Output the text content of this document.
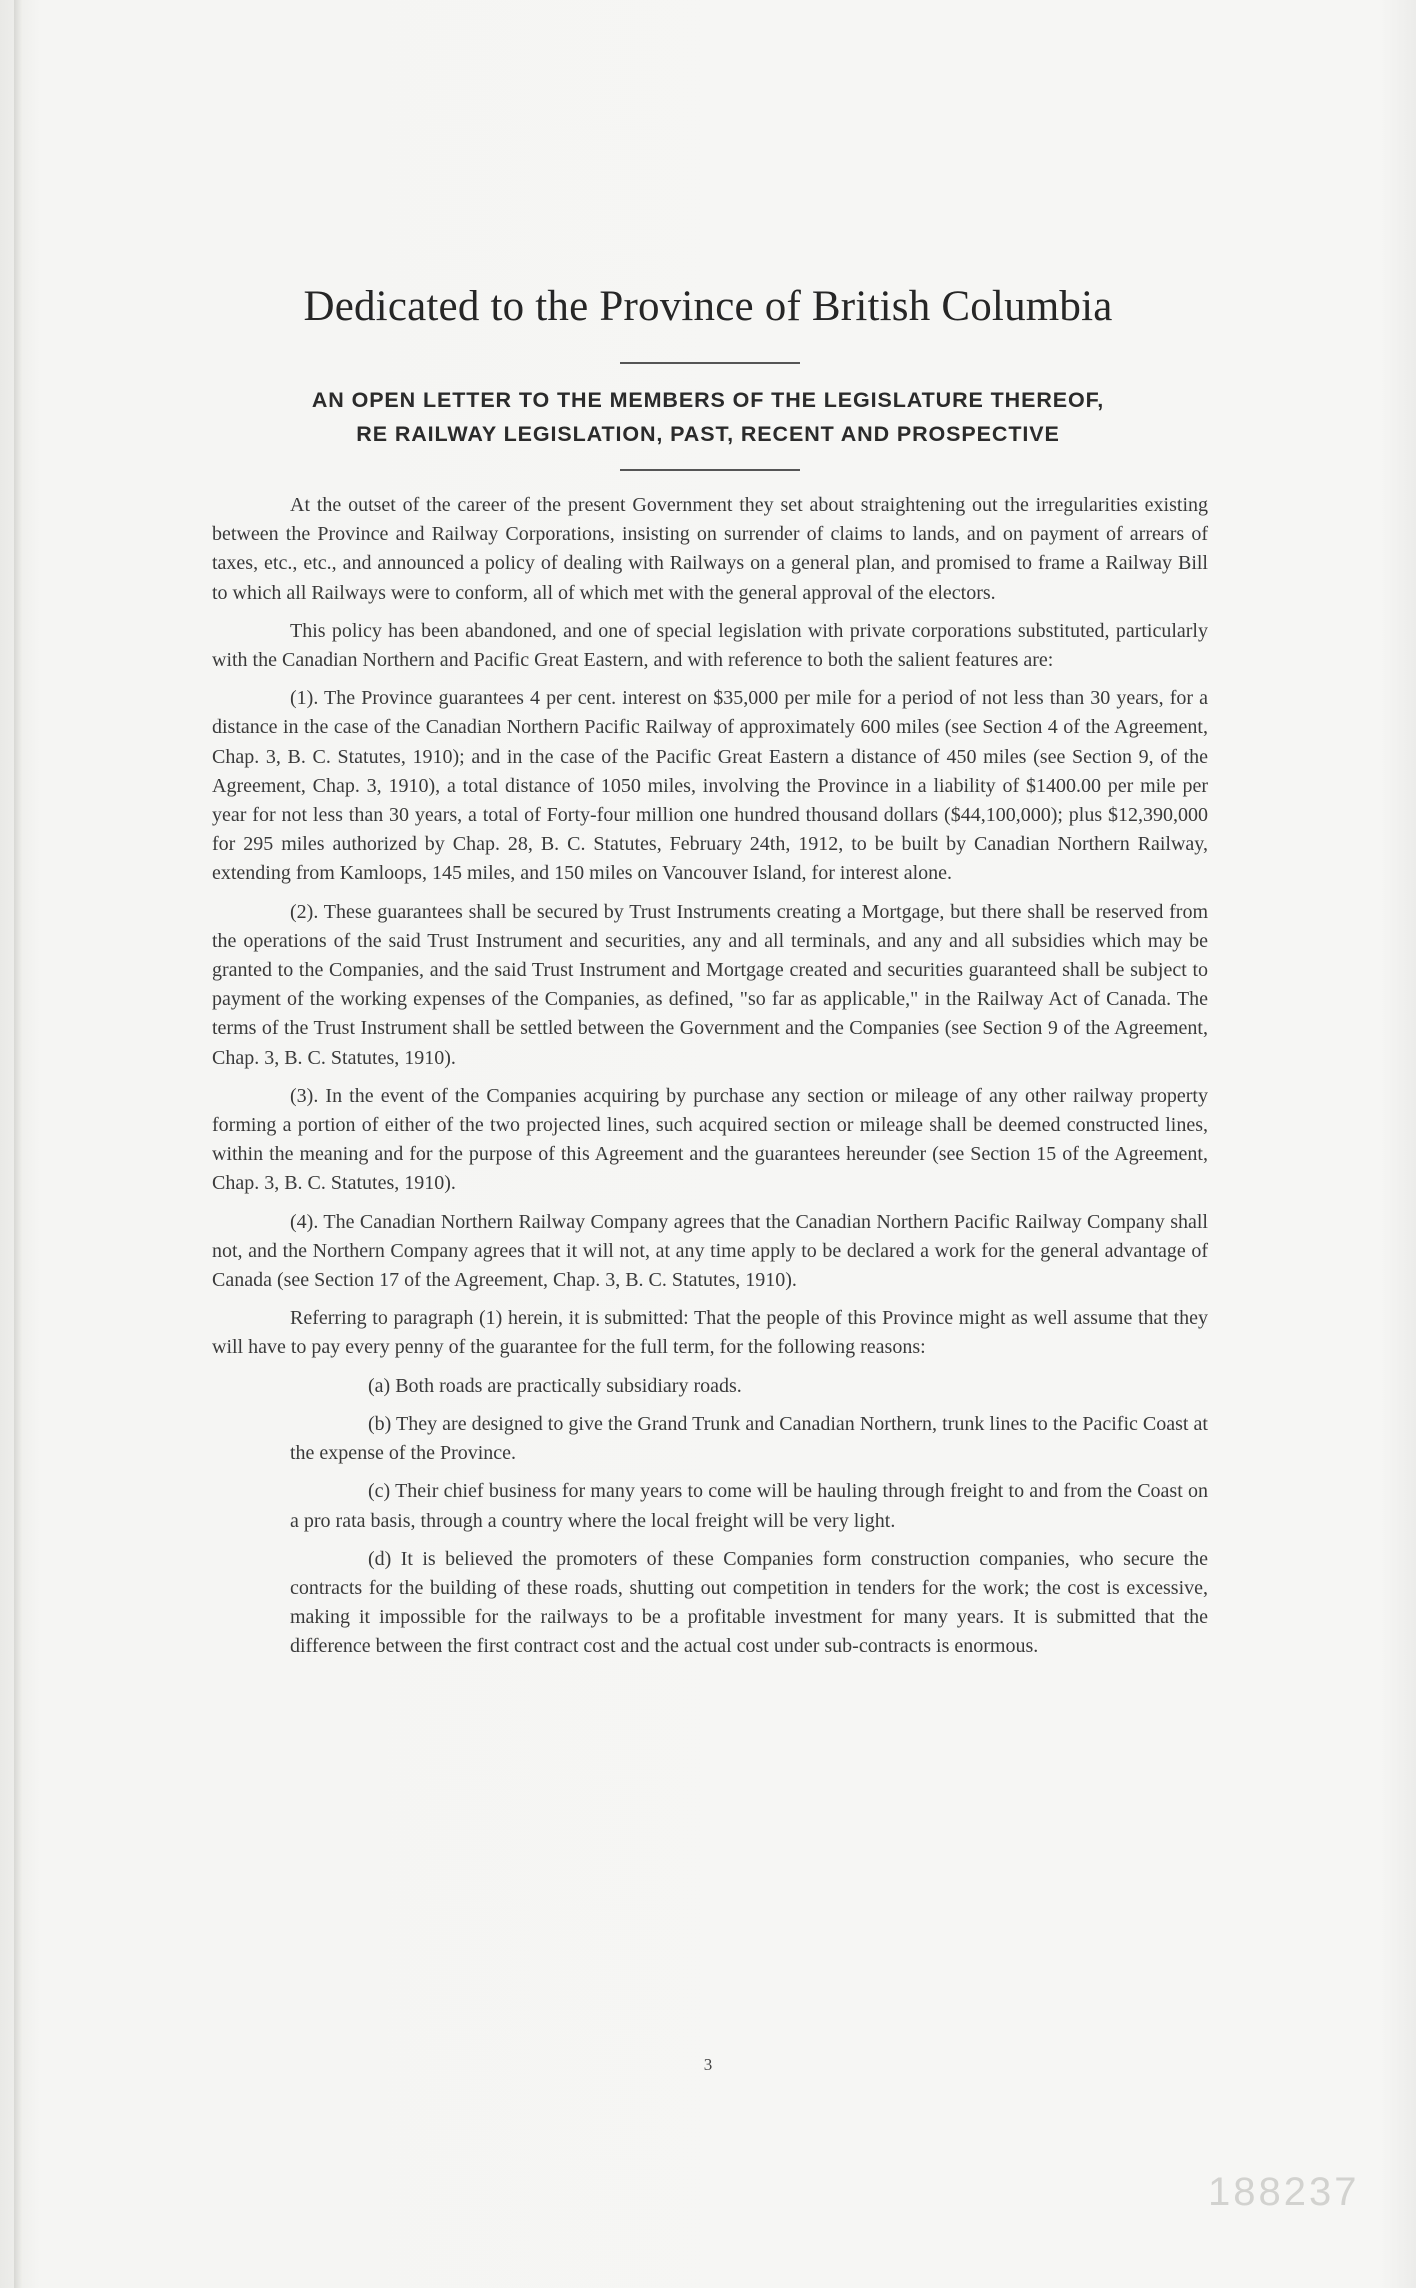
Dedicated to the Province of British Columbia
AN OPEN LETTER TO THE MEMBERS OF THE LEGISLATURE THEREOF,
RE RAILWAY LEGISLATION, PAST, RECENT AND PROSPECTIVE

At the outset of the career of the present Government they set about straightening out the irregularities existing between the Province and Railway Corporations, insisting on surrender of claims to lands, and on payment of arrears of taxes, etc., etc., and announced a policy of dealing with Railways on a general plan, and promised to frame a Railway Bill to which all Railways were to conform, all of which met with the general approval of the electors.

This policy has been abandoned, and one of special legislation with private corporations substituted, particularly with the Canadian Northern and Pacific Great Eastern, and with reference to both the salient features are:

(1). The Province guarantees 4 per cent. interest on $35,000 per mile for a period of not less than 30 years, for a distance in the case of the Canadian Northern Pacific Railway of approximately 600 miles (see Section 4 of the Agreement, Chap. 3, B. C. Statutes, 1910); and in the case of the Pacific Great Eastern a distance of 450 miles (see Section 9, of the Agreement, Chap. 3, 1910), a total distance of 1050 miles, involving the Province in a liability of $1400.00 per mile per year for not less than 30 years, a total of Forty-four million one hundred thousand dollars ($44,100,000); plus $12,390,000 for 295 miles authorized by Chap. 28, B. C. Statutes, February 24th, 1912, to be built by Canadian Northern Railway, extending from Kamloops, 145 miles, and 150 miles on Vancouver Island, for interest alone.

(2). These guarantees shall be secured by Trust Instruments creating a Mortgage, but there shall be reserved from the operations of the said Trust Instrument and securities, any and all terminals, and any and all subsidies which may be granted to the Companies, and the said Trust Instrument and Mortgage created and securities guaranteed shall be subject to payment of the working expenses of the Companies, as defined, "so far as applicable," in the Railway Act of Canada. The terms of the Trust Instrument shall be settled between the Government and the Companies (see Section 9 of the Agreement, Chap. 3, B. C. Statutes, 1910).

(3). In the event of the Companies acquiring by purchase any section or mileage of any other railway property forming a portion of either of the two projected lines, such acquired section or mileage shall be deemed constructed lines, within the meaning and for the purpose of this Agreement and the guarantees hereunder (see Section 15 of the Agreement, Chap. 3, B. C. Statutes, 1910).

(4). The Canadian Northern Railway Company agrees that the Canadian Northern Pacific Railway Company shall not, and the Northern Company agrees that it will not, at any time apply to be declared a work for the general advantage of Canada (see Section 17 of the Agreement, Chap. 3, B. C. Statutes, 1910).

Referring to paragraph (1) herein, it is submitted: That the people of this Province might as well assume that they will have to pay every penny of the guarantee for the full term, for the following reasons:

(a) Both roads are practically subsidiary roads.

(b) They are designed to give the Grand Trunk and Canadian Northern, trunk lines to the Pacific Coast at the expense of the Province.

(c) Their chief business for many years to come will be hauling through freight to and from the Coast on a pro rata basis, through a country where the local freight will be very light.

(d) It is believed the promoters of these Companies form construction companies, who secure the contracts for the building of these roads, shutting out competition in tenders for the work; the cost is excessive, making it impossible for the railways to be a profitable investment for many years. It is submitted that the difference between the first contract cost and the actual cost under sub-contracts is enormous.

3
188237
